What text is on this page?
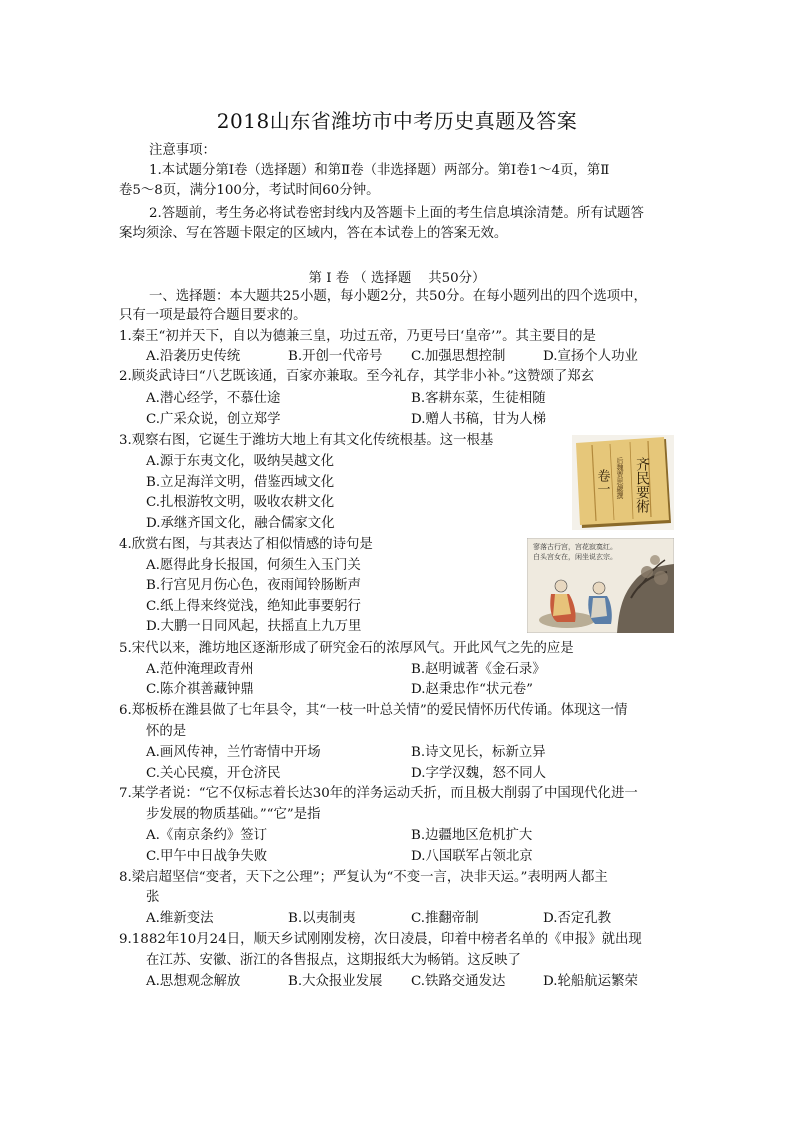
2018山东省潍坊市中考历史真题及答案
注意事项：
1.本试题分第Ⅰ卷（选择题）和第Ⅱ卷（非选择题）两部分。第Ⅰ卷1～4页，第Ⅱ
卷5～8页，满分100分，考试时间60分钟。
2.答题前，考生务必将试卷密封线内及答题卡上面的考生信息填涂清楚。所有试题答
案均须涂、写在答题卡限定的区域内，答在本试卷上的答案无效。
第 Ⅰ 卷 （ 选择题    共50分）
一、选择题：本大题共25小题，每小题2分，共50分。在每小题列出的四个选项中，
只有一项是最符合题目要求的。
1.秦王“初并天下，自以为德兼三皇，功过五帝，乃更号曰‘皇帝’”。其主要目的是
A.沿袭历史传统	B.开创一代帝号 C.加强思想控制	D.宣扬个人功业
2.顾炎武诗曰“八艺既该通，百家亦兼取。至今礼存，其学非小补。”这赞颂了郑玄
A.潜心经学，不慕仕途	B.客耕东菜，生徒相随
C.广采众说，创立郑学	D.赠人书稿，甘为人梯
3.观察右图，它诞生于潍坊大地上有其文化传统根基。这一根基
A.源于东夷文化，吸纳吴越文化
B.立足海洋文明，借鉴西域文化
C.扎根游牧文明，吸收农耕文化
D.承继齐国文化，融合儒家文化
后魏贾思勰撰
卷一 齐民要術
4.欣赏右图，与其表达了相似情感的诗句是
A.愿得此身长报国，何须生入玉门关
B.行宫见月伤心色，夜雨闻铃肠断声
C.纸上得来终觉浅，绝知此事要躬行
D.大鹏一日同风起，扶摇直上九万里
寥落古行宫，宫花寂寞红。
白头宫女在，闲坐说玄宗。
5.宋代以来，潍坊地区逐渐形成了研究金石的浓厚风气。开此风气之先的应是
A.范仲淹理政青州	B.赵明诚著《金石录》
C.陈介祺善藏钟鼎	D.赵秉忠作“状元卷”
6.郑板桥在潍县做了七年县令，其“一枝一叶总关情”的爱民情怀历代传诵。体现这一情
怀的是
A.画风传神，兰竹寄情中开场	B.诗文见长，标新立异
C.关心民瘼，开仓济民	D.字学汉魏，怒不同人
7.某学者说：“它不仅标志着长达30年的洋务运动夭折，而且极大削弱了中国现代化进一
步发展的物质基础。”“它”是指
A.《南京条约》签订	B.边疆地区危机扩大
C.甲午中日战争失败	D.八国联军占领北京
8.梁启超坚信“变者，天下之公理”；严复认为“不变一言，决非天运。”表明两人都主
张
A.维新变法	B.以夷制夷	C.推翻帝制	D.否定孔教
9.1882年10月24日，顺天乡试刚刚发榜，次日凌晨，印着中榜者名单的《申报》就出现
在江苏、安徽、浙江的各售报点，这期报纸大为畅销。这反映了
A.思想观念解放	B.大众报业发展 C.铁路交通发达	D.轮船航运繁荣
